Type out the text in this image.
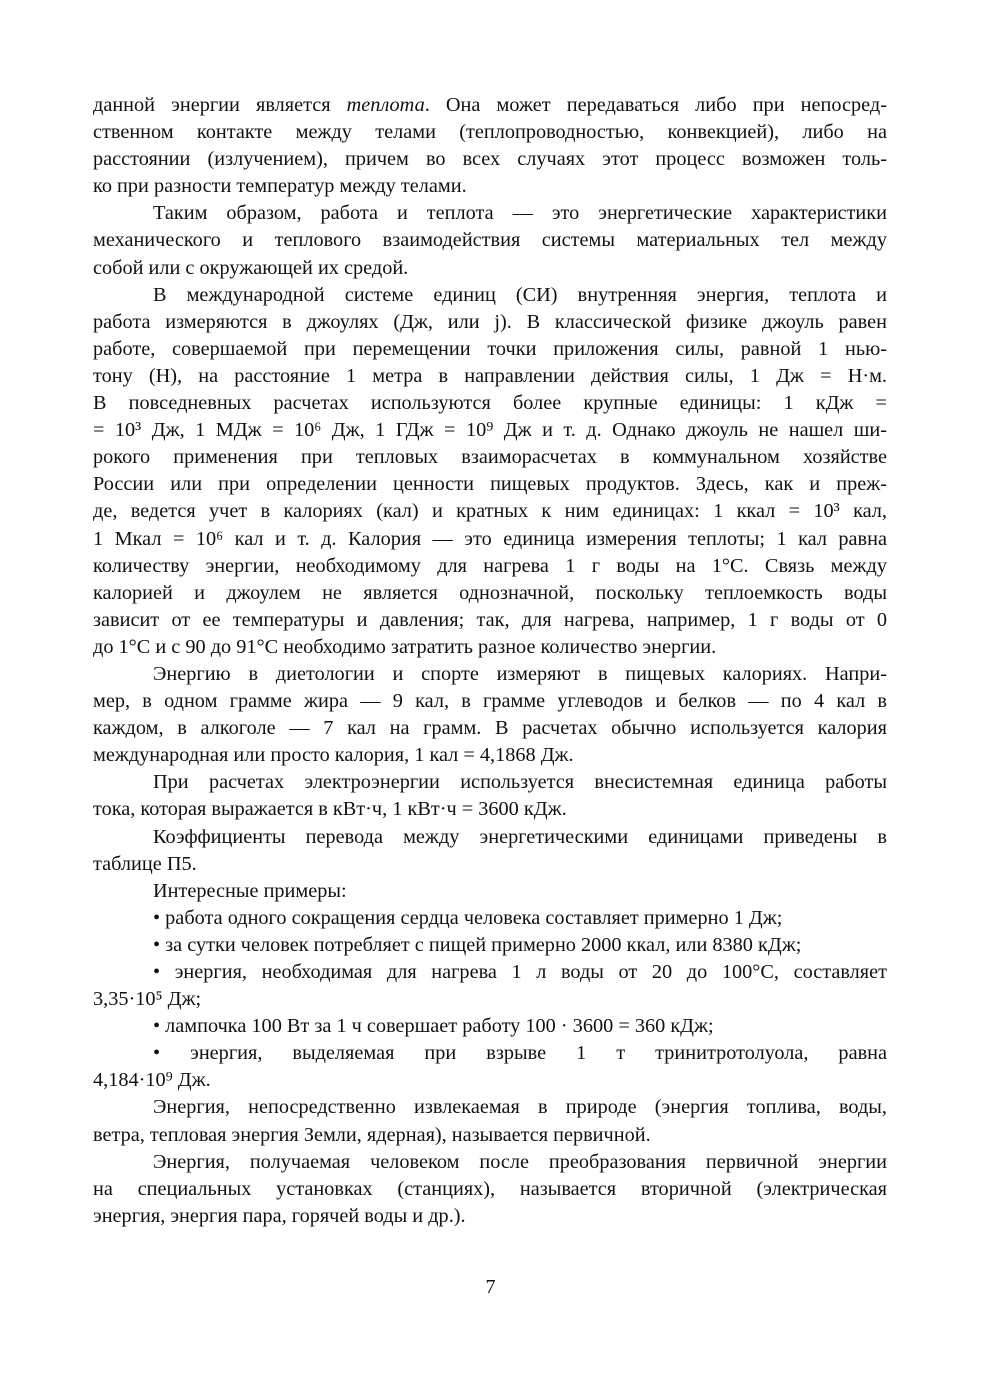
данной энергии является теплота. Она может передаваться либо при непосред-
ственном контакте между телами (теплопроводностью, конвекцией), либо на
расстоянии (излучением), причем во всех случаях этот процесс возможен толь-
ко при разности температур между телами.
Таким образом, работа и теплота — это энергетические характеристики
механического и теплового взаимодействия системы материальных тел между
собой или с окружающей их средой.
В международной системе единиц (СИ) внутренняя энергия, теплота и
работа измеряются в джоулях (Дж, или j). В классической физике джоуль равен
работе, совершаемой при перемещении точки приложения силы, равной 1 нью-
тону (Н), на расстояние 1 метра в направлении действия силы, 1 Дж = Н·м.
В повседневных расчетах используются более крупные единицы: 1 кДж =
= 10³ Дж, 1 МДж = 10⁶ Дж, 1 ГДж = 10⁹ Дж и т. д. Однако джоуль не нашел ши-
рокого применения при тепловых взаиморасчетах в коммунальном хозяйстве
России или при определении ценности пищевых продуктов. Здесь, как и преж-
де, ведется учет в калориях (кал) и кратных к ним единицах: 1 ккал = 10³ кал,
1 Мкал = 10⁶ кал и т. д. Калория — это единица измерения теплоты; 1 кал равна
количеству энергии, необходимому для нагрева 1 г воды на 1°С. Связь между
калорией и джоулем не является однозначной, поскольку теплоемкость воды
зависит от ее температуры и давления; так, для нагрева, например, 1 г воды от 0
до 1°С и с 90 до 91°С необходимо затратить разное количество энергии.
Энергию в диетологии и спорте измеряют в пищевых калориях. Напри-
мер, в одном грамме жира — 9 кал, в грамме углеводов и белков — по 4 кал в
каждом, в алкоголе — 7 кал на грамм. В расчетах обычно используется калория
международная или просто калория, 1 кал = 4,1868 Дж.
При расчетах электроэнергии используется внесистемная единица работы
тока, которая выражается в кВт·ч, 1 кВт·ч = 3600 кДж.
Коэффициенты перевода между энергетическими единицами приведены в
таблице П5.
Интересные примеры:
• работа одного сокращения сердца человека составляет примерно 1 Дж;
• за сутки человек потребляет с пищей примерно 2000 ккал, или 8380 кДж;
• энергия, необходимая для нагрева 1 л воды от 20 до 100°С, составляет
3,35·10⁵ Дж;
• лампочка 100 Вт за 1 ч совершает работу 100 · 3600 = 360 кДж;
• энергия, выделяемая при взрыве 1 т тринитротолуола, равна
4,184·10⁹ Дж.
Энергия, непосредственно извлекаемая в природе (энергия топлива, воды,
ветра, тепловая энергия Земли, ядерная), называется первичной.
Энергия, получаемая человеком после преобразования первичной энергии
на специальных установках (станциях), называется вторичной (электрическая
энергия, энергия пара, горячей воды и др.).
7
